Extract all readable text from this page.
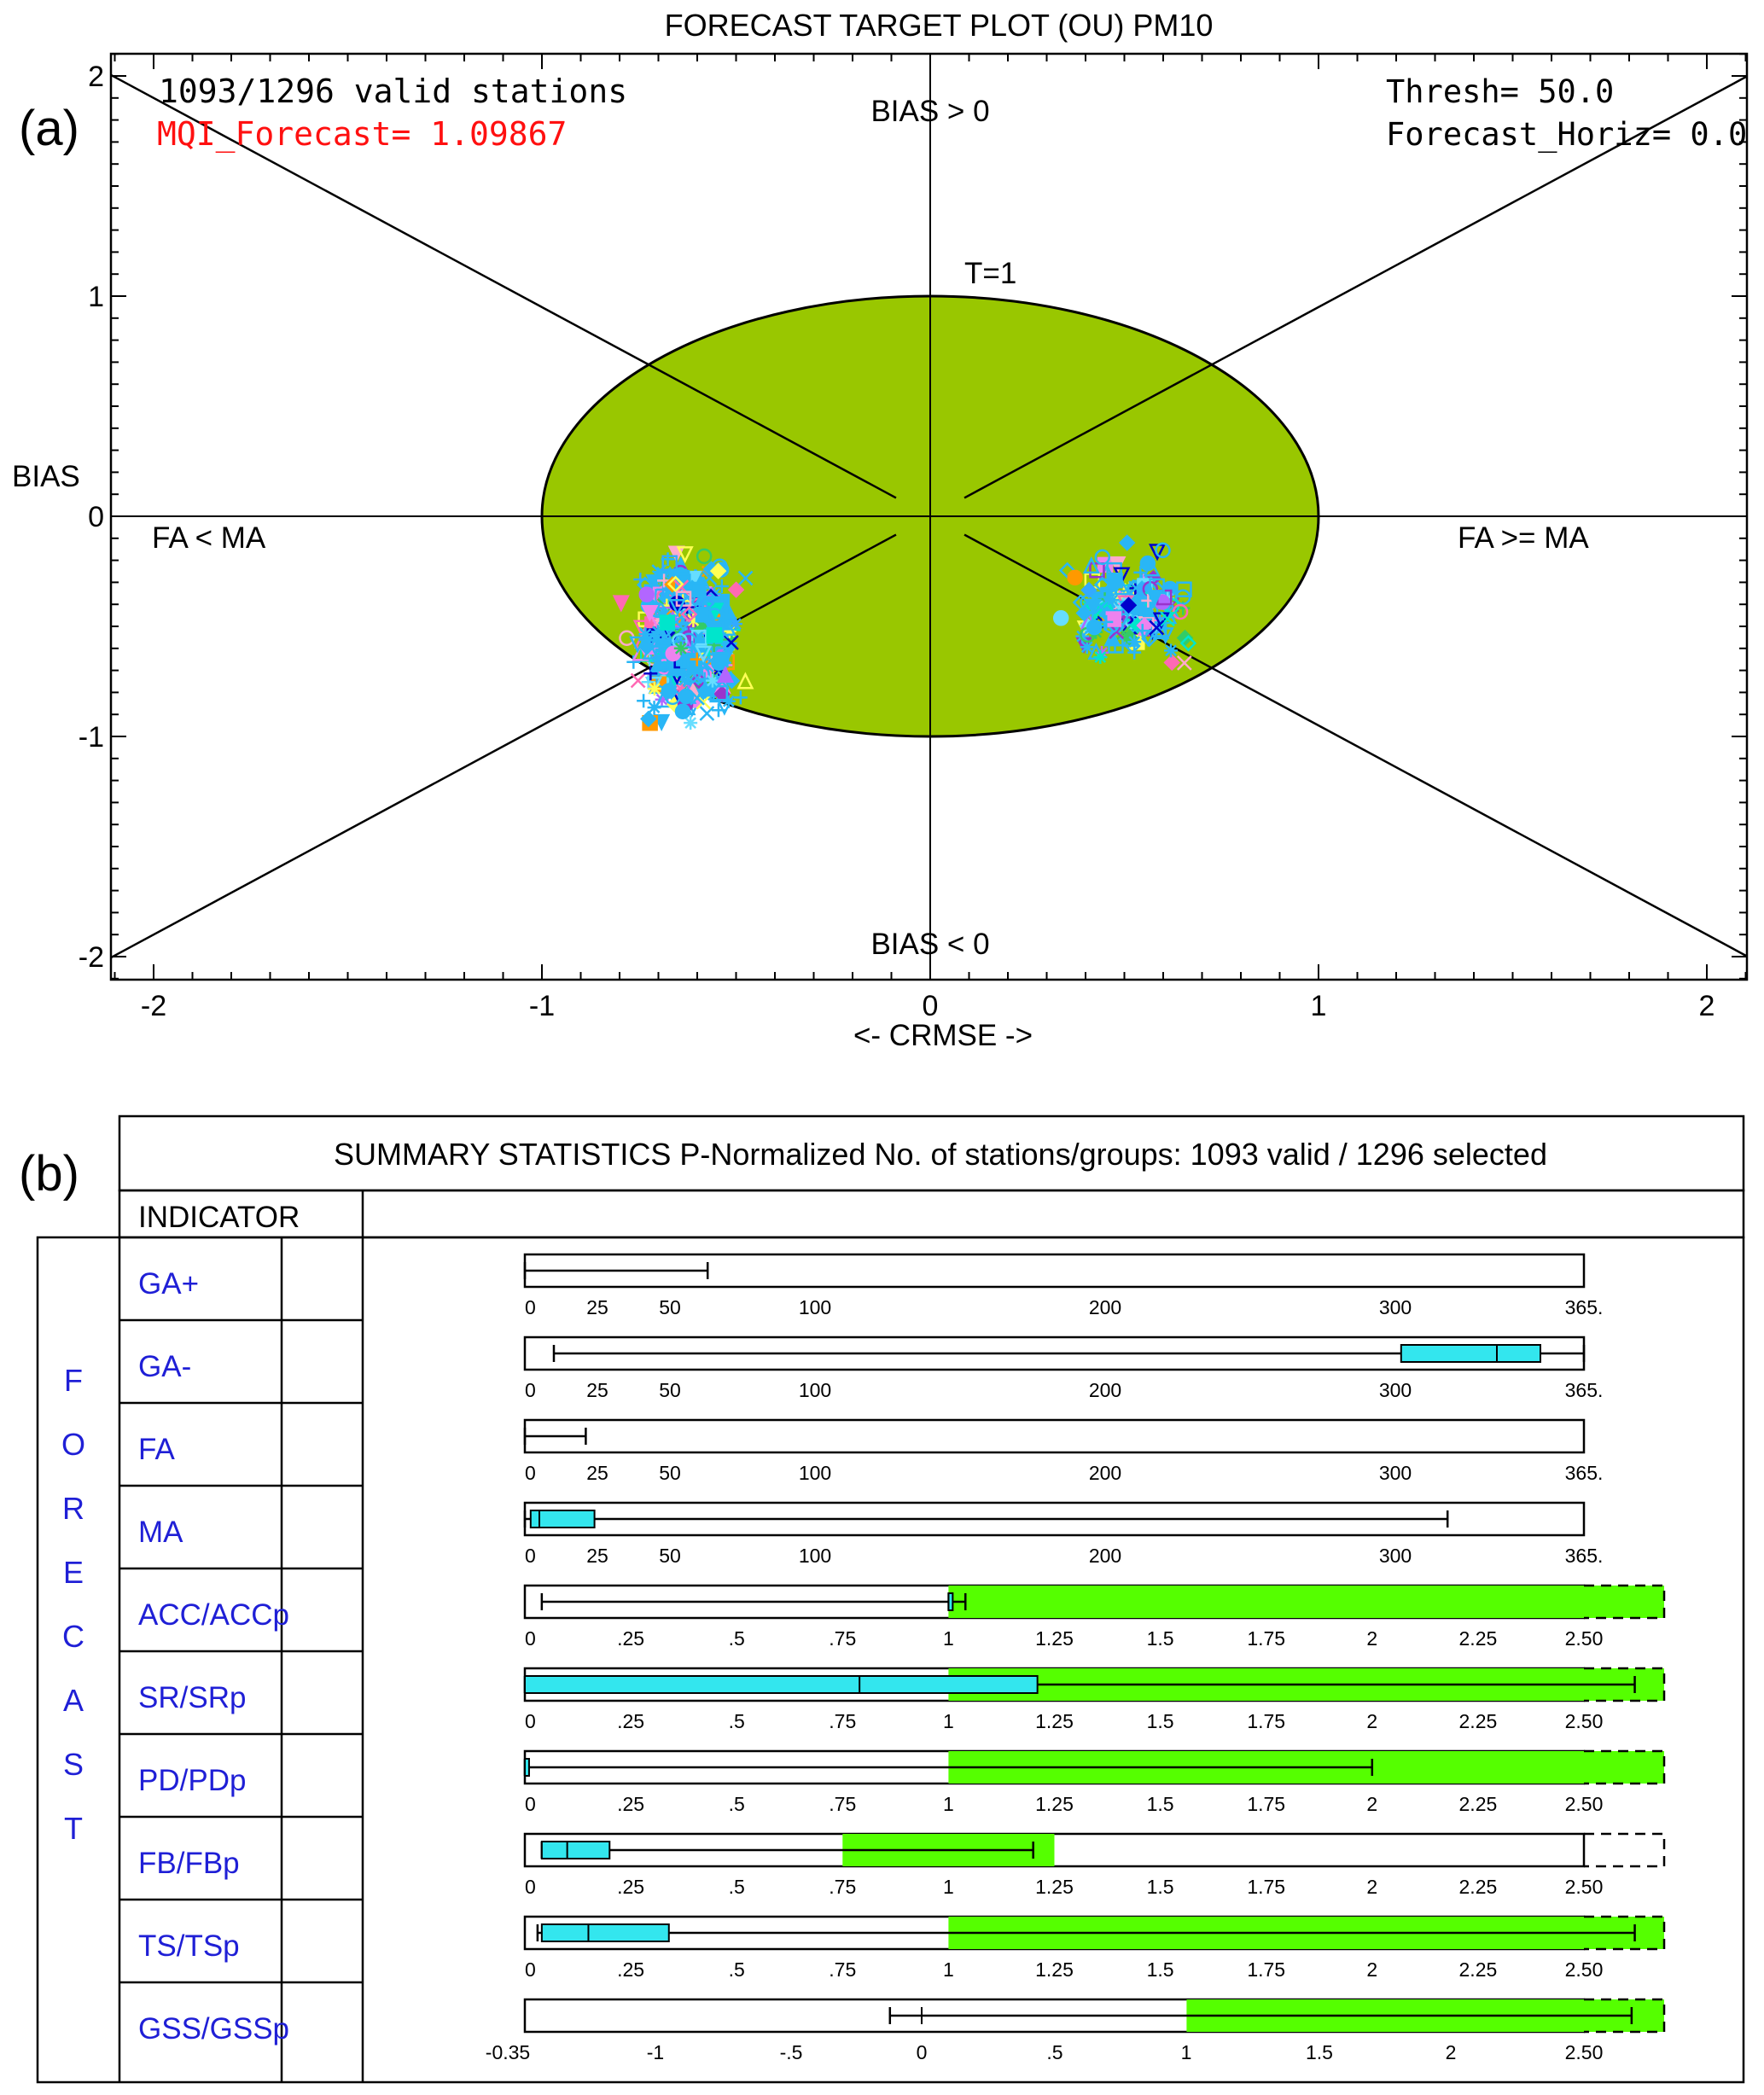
(a)
FORECAST TARGET PLOT (OU) PM10
-2	-1	0	1	2
-2
-1
0
1
2 1093/1296 valid stations
MQI_Forecast= 1.09867
Thresh= 50.0
Forecast_Horiz= 0.0
BIAS > 0
BIAS < 0
FA < MA	FA >= MA
T=1
BIAS
<- CRMSE ->
(b)	SUMMARY STATISTICS P-Normalized No. of stations/groups: 1093 valid / 1296 selected
INDICATOR
F
O
R
E
C
A
S
T
GA+
0	25	50	100	200	300	365.
GA-
0	25	50	100	200	300	365.
FA
0	25	50	100	200	300	365.
MA
0	25	50	100	200	300	365.
ACC/ACCp
0	.25	.5	.75	1	1.25	1.5	1.75	2	2.25	2.50
SR/SRp
0	.25	.5	.75	1	1.25	1.5	1.75	2	2.25	2.50
PD/PDp
0	.25	.5	.75	1	1.25	1.5	1.75	2	2.25	2.50
FB/FBp
0	.25	.5	.75	1	1.25	1.5	1.75	2	2.25	2.50
TS/TSp
0	.25	.5	.75	1	1.25	1.5	1.75	2	2.25	2.50
GSS/GSSp
-0.35	-1	-.5	0	.5	1	1.5	2	2.50
